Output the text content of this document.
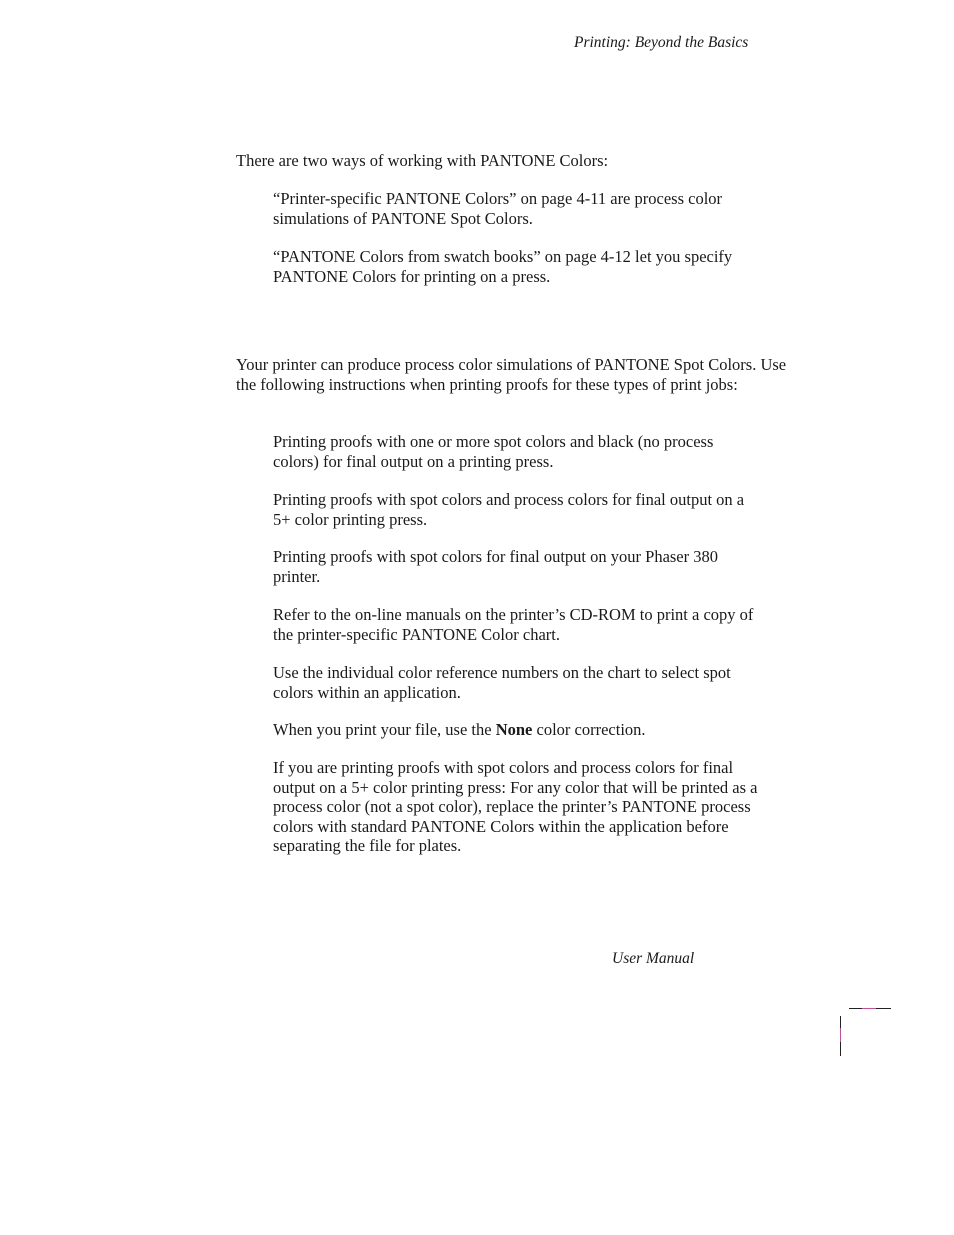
Printing: Beyond the Basics
There are two ways of working with PANTONE Colors:
“Printer-specific PANTONE Colors” on page 4-11 are process color simulations of PANTONE Spot Colors.
“PANTONE Colors from swatch books” on page 4-12 let you specify PANTONE Colors for printing on a press.
Your printer can produce process color simulations of PANTONE Spot Colors. Use the following instructions when printing proofs for these types of print jobs:
Printing proofs with one or more spot colors and black (no process colors) for final output on a printing press.
Printing proofs with spot colors and process colors for final output on a 5+ color printing press.
Printing proofs with spot colors for final output on your Phaser 380 printer.
Refer to the on-line manuals on the printer’s CD-ROM to print a copy of the printer-specific PANTONE Color chart.
Use the individual color reference numbers on the chart to select spot colors within an application.
When you print your file, use the None color correction.
If you are printing proofs with spot colors and process colors for final output on a 5+ color printing press: For any color that will be printed as a process color (not a spot color), replace the printer’s PANTONE process colors with standard PANTONE Colors within the application before separating the file for plates.
User Manual
